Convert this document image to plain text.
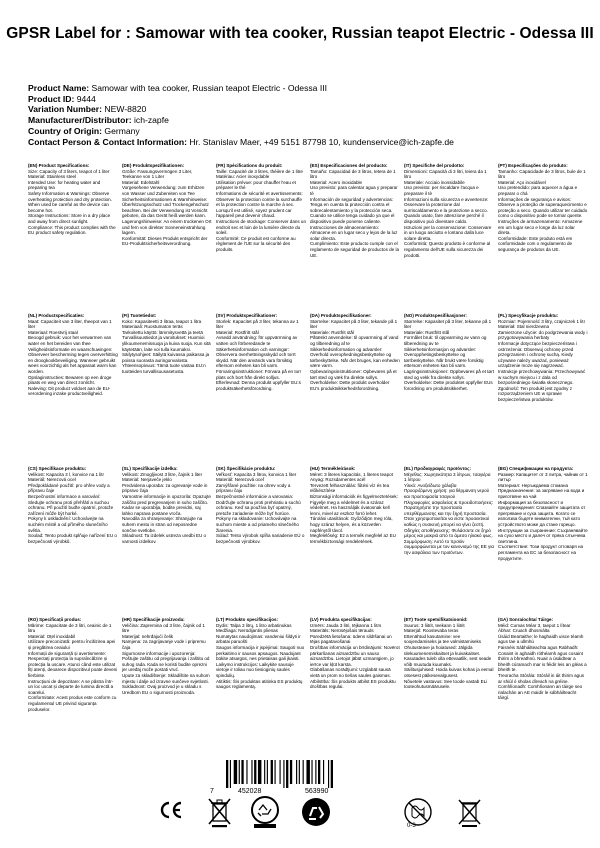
GPSR Label for : Samowar with tea cooker, Russian teapot Electric - Odessa III
Product Name: Samowar with tea cooker, Russian teapot Electric - Odessa III
Product ID: 9444
Variation Number: NEW-8820
Manufacturer/Distributor: ich-zapfe
Country of Origin: Germany
Contact Person & Contact Information: Hr. Stanislav Maer, +49 5151 87798 10, kundenservice@ich-zapfe.de
(EN) Product Specifications:
Size: Capacity of 3 liters, teapot of 1 liter
Material: Stainless steel
Intended Use: for heating water and preparing tea
Safety Information & Warnings: Observe overheating protection and dry protection. When used be careful as the device can become hot.
Storage Instructions: Store in a dry place and away from direct sunlight.
Compliance: This product complies with the EU product safety regulation.
(DE) Produktspezifikationen:
Größe: Fassungsvermögen 3 Liter, Teekanne von 1 Liter
Material: Edelstahl
Vorgesehene Verwendung: zum Erhitzen von Wasser und Zubereiten von Tee
Sicherheitsinformationen & Warnhinweise: Überhitzungsschutz und Trockengehschutz beachten. Bei der Verwendung ist Vorsicht geboten, da das Gerät heiß werden kann.
Lagerungshinweise: An einem trockenen Ort und fern von direkter Sonneneinstrahlung lagern.
Konformität: Dieses Produkt entspricht der EU-Produktsicherheitsverordnung.
(FR) Spécifications du produit:
Taille: Capacité de 3 litres, théière de 1 litre
Matériau: Acier inoxydable
Utilisation prévue: pour chauffer l'eau et préparer le thé
Informations de sécurité et avertissements: Observer la protection contre la surchauffe et la protection contre la marche à sec. Lorsqu'il est utilisé, soyez prudent car l'appareil peut devenir chaud.
Instructions de stockage: Conserver dans un endroit sec et loin de la lumière directe du soleil.
Conformité: Ce produit est conforme au règlement de l'UE sur la sécurité des produits.
(ES) Especificaciones del producto:
Tamaño: Capacidad de 3 litros, tetera de 1 litro
Material: Acero inoxidable
Uso previsto: para calentar agua y preparar té
Información de seguridad y advertencias: Tenga en cuenta la protección contra el sobrecalentamiento y la protección seca. Cuando se utilice tenga cuidado ya que el dispositivo puede ponerse caliente.
Instrucciones de almacenamiento: Almacene en un lugar seco y lejos de la luz solar directa.
Cumplimiento: Este producto cumple con el reglamento de seguridad de productos de la UE.
(IT) Specifiche del prodotto:
Dimensioni: Capacità di 3 litri, teiera da 1 litro
Materiale: Acciaio inossidabile
Uso previsto: per riscaldare l'acqua e preparare il tè
Informazioni sulla sicurezza e avvertenze: Osservare la protezione dal surriscaldamento e la protezione a secco. Quando usato, fare attenzione perché il dispositivo può diventare caldo.
Istruzioni per la conservazione: Conservare in un luogo asciutto e lontano dalla luce solare diretta.
Conformità: Questo prodotto è conforme al regolamento dell'UE sulla sicurezza dei prodotti.
(PT) Especificações do produto:
Tamanho: Capacidade de 3 litros, bule de 1 litro
Material: Aço inoxidável
Uso pretendido: para aquecer a água e preparar o chá
Informações de segurança e avisos: Observe a proteção de superaquecimento e proteção a seco. Quando utilizar ter cuidado como o dispositivo pode se tornar quente.
Instruções de armazenamento: Armazene em um lugar seco e longe da luz solar direta.
Conformidade: Este produto está em conformidade com o regulamento de segurança de produtos da UE.
(NL) Productspecificaties:
Maat: Capaciteit van 3 liter, theepot van 1 liter
Materiaal: Roestvrij staal
Beoogd gebruik: voor het verwarmen van water en het bereiden van thee
Veiligheidsinformatie en waarschuwingen: Observeer bescherming tegen oververhitting en droogkookbeveiliging. Wanneer gebruikt wees voorzichtig als het apparaat warm kan worden.
Opslaginstructies: Bewaren op een droge plaats en weg van direct zonlicht.
Naleving: Dit product voldoet aan de EU-verordening inzake productveiligheid.
(FI) Tuotetiedot:
Koko: Kapasiteetti 3 litraa, teapot 1 litra
Materiaali: Ruostumaton teräs
Tarkoitettu käyttö: lämmitysvettä ja teetä
Turvallisuustiedot ja varoitukset: Huomioi ylikuumenemissuoja ja kuiva suoja. Kun sitä käytetään, laite voi tulla kuumaksi.
Säilytysohjeet: Säilytä kuivassa paikassa ja poissa suorasta auringonvalosta.
Yhteensopivuus: Tämä tuote vastaa EU:n tuotteiden turvallisuusasetusta.
(SV) Produktspecifikationer:
Storlek: Kapacitet på 3 liter, tekanna av 1 liter
Material: Rostfritt stål
Avsedd användning: för uppvärmning av vatten och förberedande te
Säkerhetsinformation och varningar: Observera överhettningsskydd och torrt skydd. När den används vara försiktig eftersom enheten kan bli varm.
Förvaringsinstruktioner: Förvara på en torr plats och bort från direkt solljus.
Efterlevnad: Denna produkt uppfyller EU:s produktsäkerhetsförordning.
(DA) Produktspecifikationer:
Størrelse: Kapacitet på 3 liter, tekande på 1 liter
Materiale: Rustfrit stål
Påtænkt anvendelse: til opvarmning af vand og tilberedning af te
Sikkerhedsinformation og advarsler: Overhold overophedningsbeskyttelse og tørbeskyttelse. Når det bruges, kan enheden være varm.
Opbevaringsinstruktioner: Opbevares på et tørt sted og væk fra direkte sollys.
Overholdelse: Dette produkt overholder EU's produktsikkerhedsforordning.
(NO) Produktspesifikasjoner:
Størrelse: Kapasitet på 3 liter, tekanne på 1 liter
Materiale: Rustfritt stål
Formålet bruk: til oppvarming av vann og tilberedning av te
Sikkerhetsinformasjon og advarsler: Overopphetingsbeskyttelse og tørrbeskyttelse. Når brukt være forsiktig ettersom enheten kan bli varm.
Lagringsinstruksjoner: Oppbevares på et tørt sted og vekk fra direkte sollys.
Overholdelse: Dette produktet oppfyller EUs forordning om produktsikkerhet.
(PL) Specyfikacje produktu:
Rozmiar: Pojemność 3 litry, czajniczek 1 litr
Materiał: Stal nierdzewna
Zamierzone użycie: do podgrzewania wody i przygotowywania herbaty
Informacje dotyczące bezpieczeństwa i ostrzeżenia: Obserwuj ochronę przed przegrzaniem i ochronę suchą. Kiedy używane należy uważać, ponieważ urządzenie może się nagrzewać.
Instrukcje przechowywania: Przechowywać w suchym miejscu i z dala od bezpośredniego światła słonecznego.
Zgodność: Ten produkt jest zgodny z rozporządzeniem UE w sprawie bezpieczeństwa produktów.
(CS) Specifikace produktu:
Velikost: Kapacita 3 l, konvice na 1 litr
Materiál: Nerezová ocel
Předpokládané použití: pro ohřev vody a přípravu čaje
Bezpečnostní informace a varování: Sledujte ochranu proti přehřátí a suchou ochranu. Při použití buďte opatrní, protože zařízení může být horké.
Pokyny k uskladnění: Uchovávejte na suchém místě a od přímého slunečního světla.
Soulad: Tento produkt splňuje nařízení EU o bezpečnosti výrobků.
(SL) Specifikacije izdelka:
Velikost: Zmogljivost 3 litre, čajnik 1 liter
Material: Nerjaveče jeklo
Predvidena uporaba: za ogrevanje vode in pripravo čaja
Varnostne informacije in opozorila: Opazujte zaščito pred pregrevanjem in suho zaščito. Kadar se uporablja, bodite previdni, saj lahko naprava postane vroča.
Navodila za shranjevanje: Shranjujte na suhem mestu in stran od neposredne sončne svetlobe.
Skladnost: Ta izdelek ustreza uredbi EU o varnosti izdelkov.
(SK) Špecifikácie produktu:
Veľkosť: Kapacita 3 litrov, konvica 1 liter
Materiál: Nerezová oceľ
Zamýšľané použitie: na ohrev vody a prípravu čaju
Bezpečnostné informácie a varovania: Dodržujte ochranu proti prehriatiu a suchú ochranu. Keď sa používa byť opatrný, pretože zariadenie môže byť horúce.
Pokyny na skladovanie: Uchovávajte na suchom mieste a od priameho slnečného žiarenia.
Súlad: Tento výrobok spĺňa nariadenie EÚ o bezpečnosti výrobkov.
(HU) Termékleírások:
Méret: 3 literes kapacitás, 1 literes teapot
Anyag: Rozsdamentes acél
Tervezett felhasználás: fűtési víz és tea előkészítése
Biztonsági információk és figyelmeztetések: Figyelje meg a védelmet és a száraz védelmet. Ha használják óvatosnak kell lenni, mivel az eszköz forró lehet.
Tárolási utasítások: Győződjön meg róla, hogy száraz helyen, és a közvetlen napfénytől távol.
Megfelelőség: Ez a termék megfelel az EU termékbiztonsági rendeletének.
(EL) Προδιαγραφές προϊόντος:
Μέγεθος: Χωρητικότητα 3 λίτρων, τσαγιέρα 1 λίτρου
Υλικό: Ανοξείδωτο χάλυβα
Προοριζόμενη χρήση: για θέρμανση νερού και προετοιμασία τσαγιού
Πληροφορίες ασφαλείας & προειδοποιήσεις: Παρατηρήστε την προστασία υπερθέρμανσης και την ξηρή προστασία. Όταν χρησιμοποιείται να είστε προσεκτικοί καθώς η συσκευή μπορεί να γίνει ζεστή.
Οδηγίες αποθήκευσης: Φυλάσσετε σε ξηρό μέρος και μακριά από το άμεσο ηλιακό φως.
Συμμόρφωση: Αυτό το προϊόν συμμορφώνεται με τον κανονισμό της ΕΕ για την ασφάλεια των προϊόντων.
(BG) Спецификации на продукта:
Размер: Капацитет от 3 литра, чайник от 1 литър
Материал: Неръждаема стомана
Предназначение: за загряване на вода и приготвяне на чай
Информация за безопасност и предупреждения: Спазвайте защитата от прегряване и суха защита. Когато се използва бъдете внимателни, тъй като устройството може да стане горещо.
Инструкции за съхранение: Съхранявайте на сухо място и далеч от пряка слънчева светлина.
Съответствие: Този продукт отговаря на регламента на ЕС за безопасност на продуктите.
(RO) Specificații produs:
Mărime: Capacitate de 3 litri, ceainic de 1 litru
Material: Oțel inoxidabil
Utilizare preconizată: pentru încălzirea apei și pregătirea ceaiului
Informații de siguranță și avertismente: Respectați protecția la supraîncălzire și protecția la uscare. Atunci când este utilizat fiți atenți, deoarece dispozitivul poate deveni fierbinte.
Instrucțiuni de depozitare: A se păstra într-un loc uscat și departe de lumina directă a soarelui.
Conformitate: Acest produs este conform cu regulamentul UE privind siguranța produselor.
(HR) Specifikacije proizvoda:
Veličina: Zapremina od 3 litre, čajnik od 1 litre
Materijal: nehrđajući čelik
Namjena: za zagrijavanje vode i pripremu čaja
Sigurnosne informacije i upozorenja: Poštujte zaštitu od pregrijavanja i zaštitu od suhog rada. Kada se koristi budite oprezni jer uređaj može postati vruć.
Upute za skladištenje: Skladištite na suhom mjestu i dalje od izravne sunčeve svjetlosti.
Sukladnost: Ovaj proizvod je u skladu s Uredbom EU o sigurnosti proizvoda.
(LT) Produkto specifikacijos:
Dydis: Talpa 3 litrų, 1 litro arbatinukas
Medžiaga: Nerūdijantis plienas
Numatytas naudojimas: vandeniui šildyti ir arbatai paruošti
Saugos informacija ir įspėjimai: Saugoti nuo perkaitimo ir sausos apsaugos. Naudojant būkite atsargūs, nes prietaisas gali įkaisti.
Laikymo instrukcijos: Laikykite sausoje vietoje ir toliau nuo tiesioginių saulės spindulių.
Atitiktis: Šis produktas atitinka ES produktų saugos reglamentą.
(LV) Produkta specifikācijas:
Izmērs: Jauda 3 litri, tējkanna 1 litrs
Materiāls: Nerūsējošais tērauds
Paredzētā lietošana: ūdens sildīšanai un tējas pagatavošanai
Drošības informācija un brīdinājumi: Novērot pārkaršanas aizsardzību un sauso aizsardzību. Lietojot jābūt uzmanīgiem, jo ierīce var kļūt karsta.
Glabāšanas norādījumi: Uzglabāt sausā vietā un prom no tiešas saules gaismas.
Atbilstība: Šis produkts atbilst ES produktu drošības regulai.
(ET) Toote spetsifikatsioonid:
Suurus: 3 liitrit, teekann 1 liitrit
Materjal: Roostevaba teras
Ettenähtud kasutamine: vee soojendamiseks ja tee valmistamiseks
Ohutusteave ja hoiatused: Jälgida ülekuumenemiskaitset ja kuivakaitset. Kasutades tuleb olla ettevaatlik, sest seade võib muutuda kuumaks.
Säilitusjuhised: Hoida kuivas kohas ja eemal otsesest päikesevalgusest.
Nõuetele vastavus: See toode vastab ELi tooteohutusmäärusele.
(GA) Sonraíochtaí Táirge:
Méid: Cumas Méar 3, taepot 1 lítear
Ábhar: Cruach dhosmálta
Úsáid Beartaithe: le haghaidh uisce téamh agus tae a ullmhú
Faisnéis Sábháilteachta agus Rabhadh: Cosaint in aghaidh róthéamh agus cosaint thirim a bhreathnú. Nuair a úsáidtear a bheith cúramach mar is féidir leis an gléas a bheith te.
Treoracha Stórála: Stóráil in áit thirim agus ar shiúl ó sholas díreach na gréine.
Comhlíonadh: Comhlíonann an táirge seo rialachán an AE maidir le sábháilteacht táirgí.
7	452028	563990
0-3
